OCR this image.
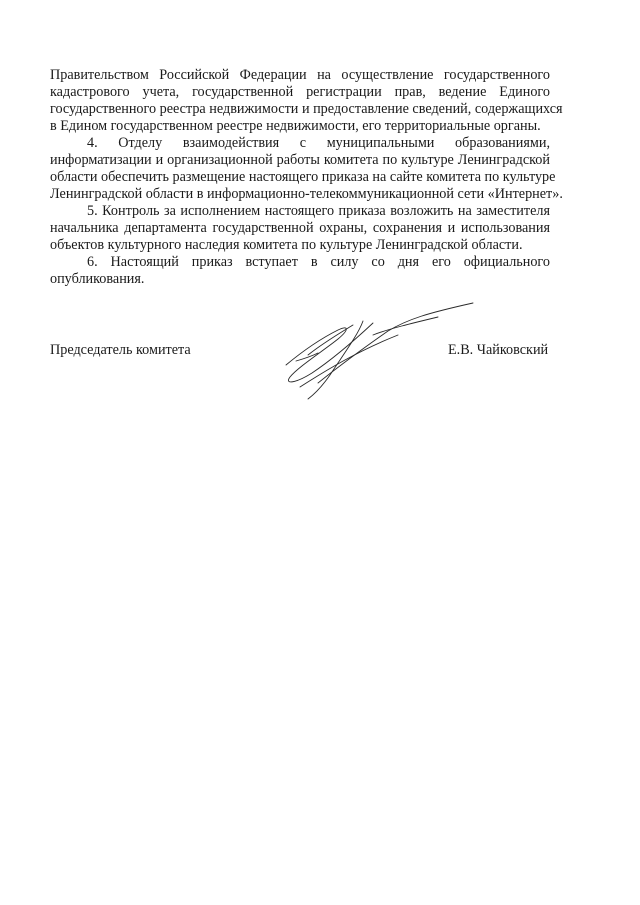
Правительством Российской Федерации на осуществление государственного
кадастрового учета, государственной регистрации прав, ведение Единого
государственного реестра недвижимости и предоставление сведений, содержащихся
в Едином государственном реестре недвижимости, его территориальные органы.
4. Отделу взаимодействия с муниципальными образованиями,
информатизации и организационной работы комитета по культуре Ленинградской
области обеспечить размещение настоящего приказа на сайте комитета по культуре
Ленинградской области в информационно-телекоммуникационной сети «Интернет».
5. Контроль за исполнением настоящего приказа возложить на заместителя
начальника департамента государственной охраны, сохранения и использования
объектов культурного наследия комитета по культуре Ленинградской области.
6. Настоящий приказ вступает в силу со дня его официального
опубликования.
Председатель комитета	Е.В. Чайковский
